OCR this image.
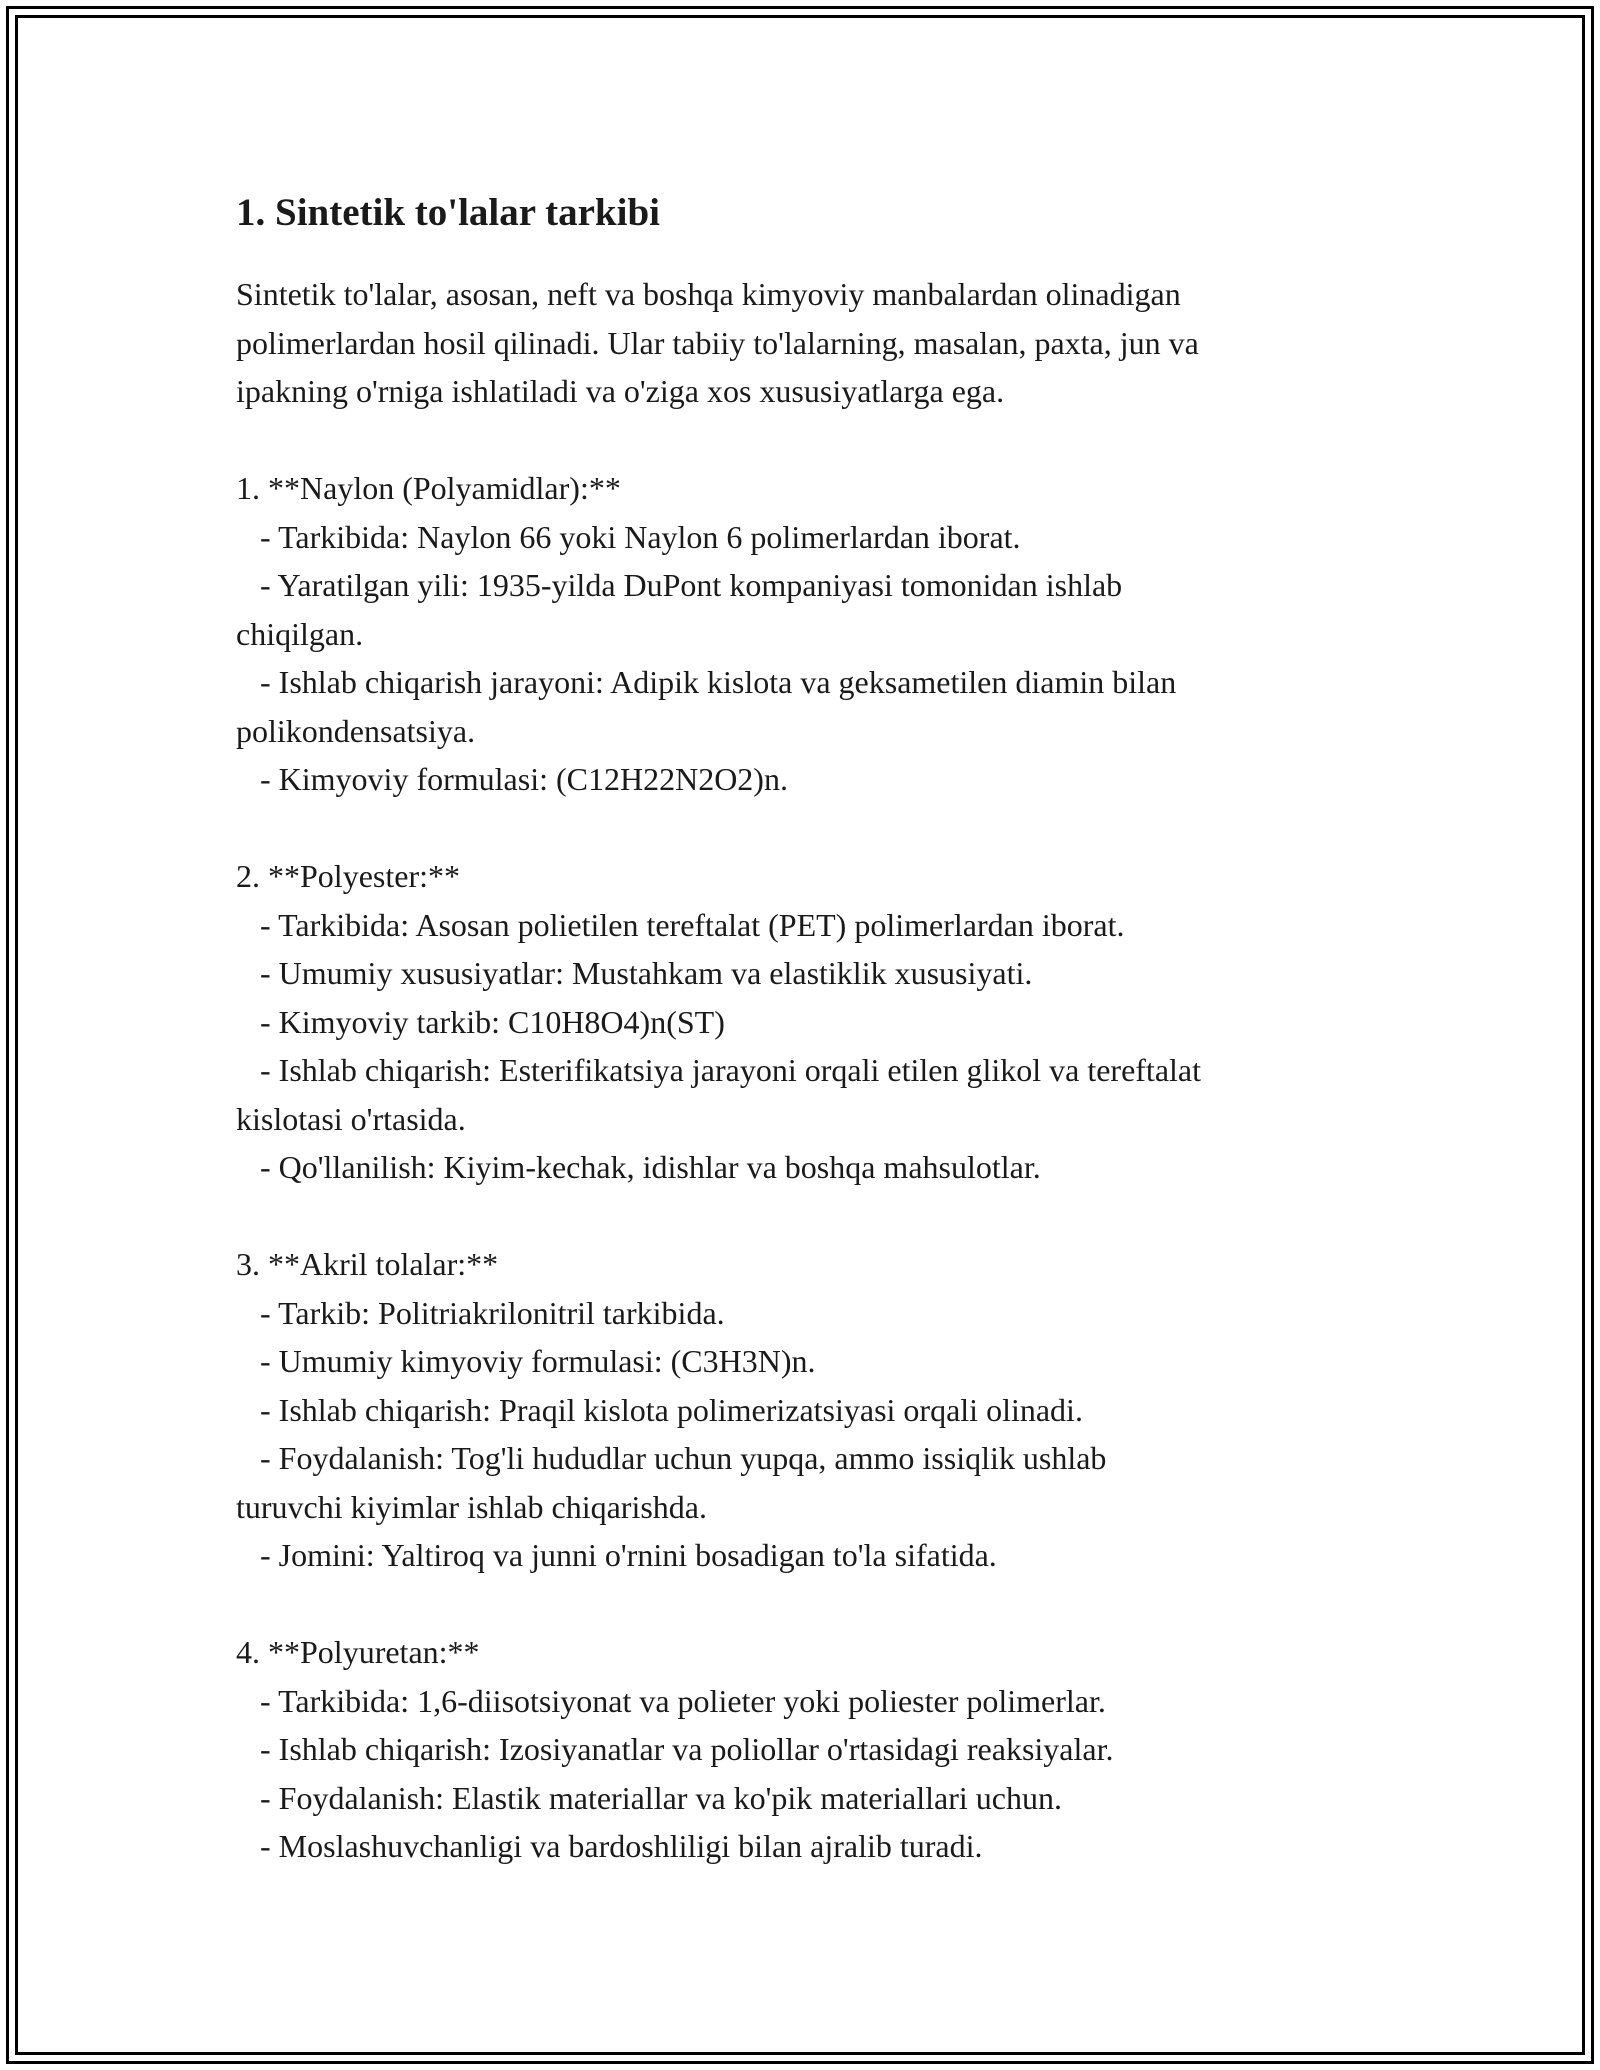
1. Sintetik to'lalar tarkibi

Sintetik to'lalar, asosan, neft va boshqa kimyoviy manbalardan olinadigan
polimerlardan hosil qilinadi. Ular tabiiy to'lalarning, masalan, paxta, jun va
ipakning o'rniga ishlatiladi va o'ziga xos xususiyatlarga ega.

1. **Naylon (Polyamidlar):**

- Tarkibida: Naylon 66 yoki Naylon 6 polimerlardan iborat.

- Yaratilgan yili: 1935-yilda DuPont kompaniyasi tomonidan ishlab
chiqilgan.

- Ishlab chiqarish jarayoni: Adipik kislota va geksametilen diamin bilan
polikondensatsiya.

- Kimyoviy formulasi: (C12H22N2O2)n.

2. **Polyester:**

- Tarkibida: Asosan polietilen tereftalat (PET) polimerlardan iborat.

- Umumiy xususiyatlar: Mustahkam va elastiklik xususiyati.

- Kimyoviy tarkib: C10H8O4)n(ST)

- Ishlab chiqarish: Esterifikatsiya jarayoni orqali etilen glikol va tereftalat
kislotasi o'rtasida.

- Qo'llanilish: Kiyim-kechak, idishlar va boshqa mahsulotlar.

3. **Akril tolalar:**

- Tarkib: Politriakrilonitril tarkibida.

- Umumiy kimyoviy formulasi: (C3H3N)n.

- Ishlab chiqarish: Praqil kislota polimerizatsiyasi orqali olinadi.

- Foydalanish: Tog'li hududlar uchun yupqa, ammo issiqlik ushlab
turuvchi kiyimlar ishlab chiqarishda.

- Jomini: Yaltiroq va junni o'rnini bosadigan to'la sifatida.

4. **Polyuretan:**

- Tarkibida: 1,6-diisotsiyonat va polieter yoki poliester polimerlar.

- Ishlab chiqarish: Izosiyanatlar va poliollar o'rtasidagi reaksiyalar.

- Foydalanish: Elastik materiallar va ko'pik materiallari uchun.

- Moslashuvchanligi va bardoshliligi bilan ajralib turadi.
